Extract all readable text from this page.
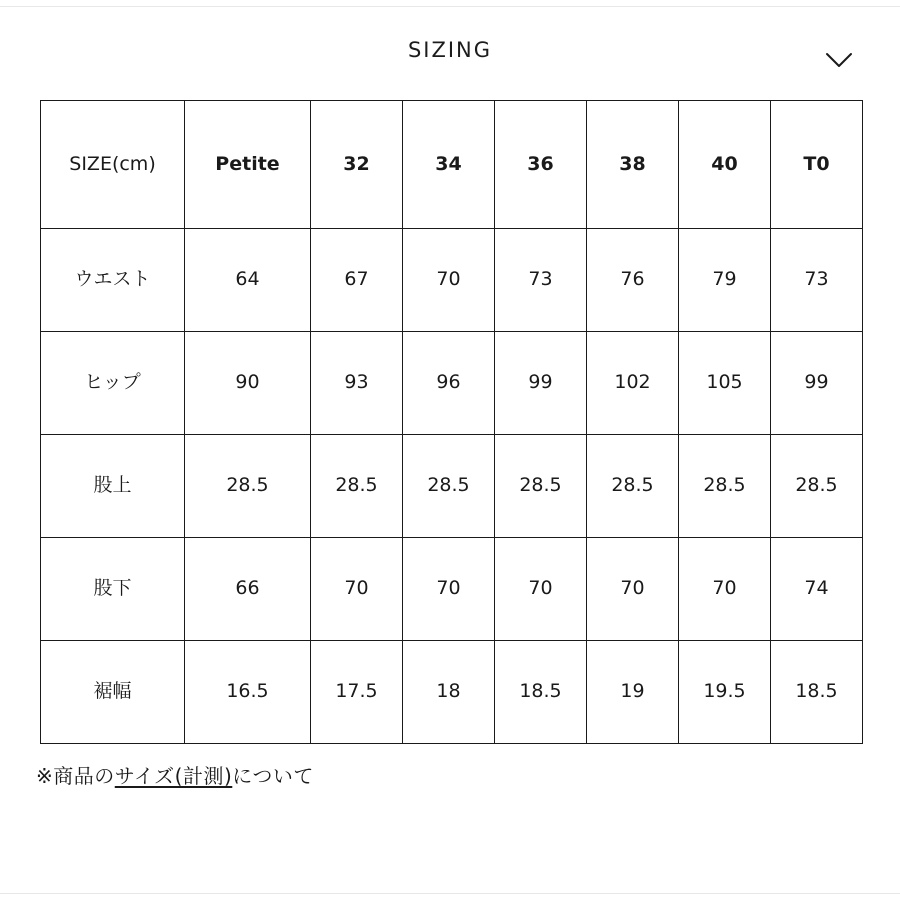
SIZING
SIZE(cm)	Petite	32	34	36	38	40	T0
ウエスト	64	67	70	73	76	79	73
ヒップ	90	93	96	99	102	105	99
股上	28.5	28.5	28.5	28.5	28.5	28.5	28.5
股下	66	70	70	70	70	70	74
裾幅	16.5	17.5	18	18.5	19	19.5	18.5
※商品のサイズ(計測)について
